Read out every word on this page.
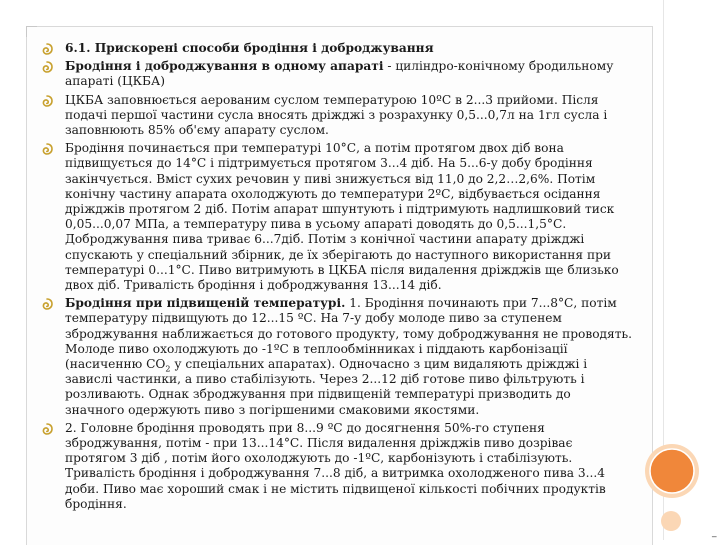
6.1. Прискорені способи бродіння і доброджування
Бродіння і доброджування в одному апараті - циліндро-конічному бродильному апараті (ЦКБА)
ЦКБА заповнюється аерованим суслом температурою 10ºС в 2...3 прийоми. Після подачі першої частини сусла вносять дріжджі з розрахунку 0,5...0,7л на 1гл сусла і заповнюють 85% об'єму апарату суслом.
Бродіння починається при температурі 10°С, а потім протягом двох діб вона підвищується до 14°С і підтримується протягом 3...4 діб. На 5...6-у добу бродіння закінчується. Вміст сухих речовин у пиві знижується від 11,0 до 2,2…2,6%. Потім конічну частину апарата охолоджують до температури 2ºС, відбувається осідання дріжджів протягом 2 діб. Потім апарат шпунтують і підтримують надлишковий тиск 0,05...0,07 МПа, а температуру пива в усьому апараті доводять до 0,5...1,5°С. Доброджування пива триває 6...7діб. Потім з конічної частини апарату дріжджі спускають у спеціальний збірник, де їх зберігають до наступного використання при температурі 0...1°С. Пиво витримують в ЦКБА після видалення дріжджів ще близько двох діб. Тривалість бродіння і доброджування 13...14 діб.
Бродіння при підвищеній температурі. 1. Бродіння починають при 7...8°С, потім температуру підвищують до 12...15 ºС. На 7-у добу молоде пиво за ступенем зброджування наближається до готового продукту, тому доброджування не проводять. Молоде пиво охолоджують до -1ºС в теплообмінниках і піддають карбонізації (насиченню $СО_2$ у спеціальних апаратах). Одночасно з цим видаляють дріжджі і завислі частинки, а пиво стабілізують. Через 2...12 діб готове пиво фільтрують і розливають. Однак зброджування при підвищеній температурі призводить до значного одержують пиво з погіршеними смаковими якостями.
2. Головне бродіння проводять при 8...9 ºС до досягнення 50%-го ступеня зброджування, потім - при 13...14°С. Після видалення дріжджів пиво дозріває протягом 3 діб , потім його охолоджують до -1ºС, карбонізують і стабілізують. Тривалість бродіння і доброджування 7...8 діб, а витримка охолодженого пива 3...4 доби. Пиво має хороший смак і не містить підвищеної кількості побічних продуктів бродіння.
_
